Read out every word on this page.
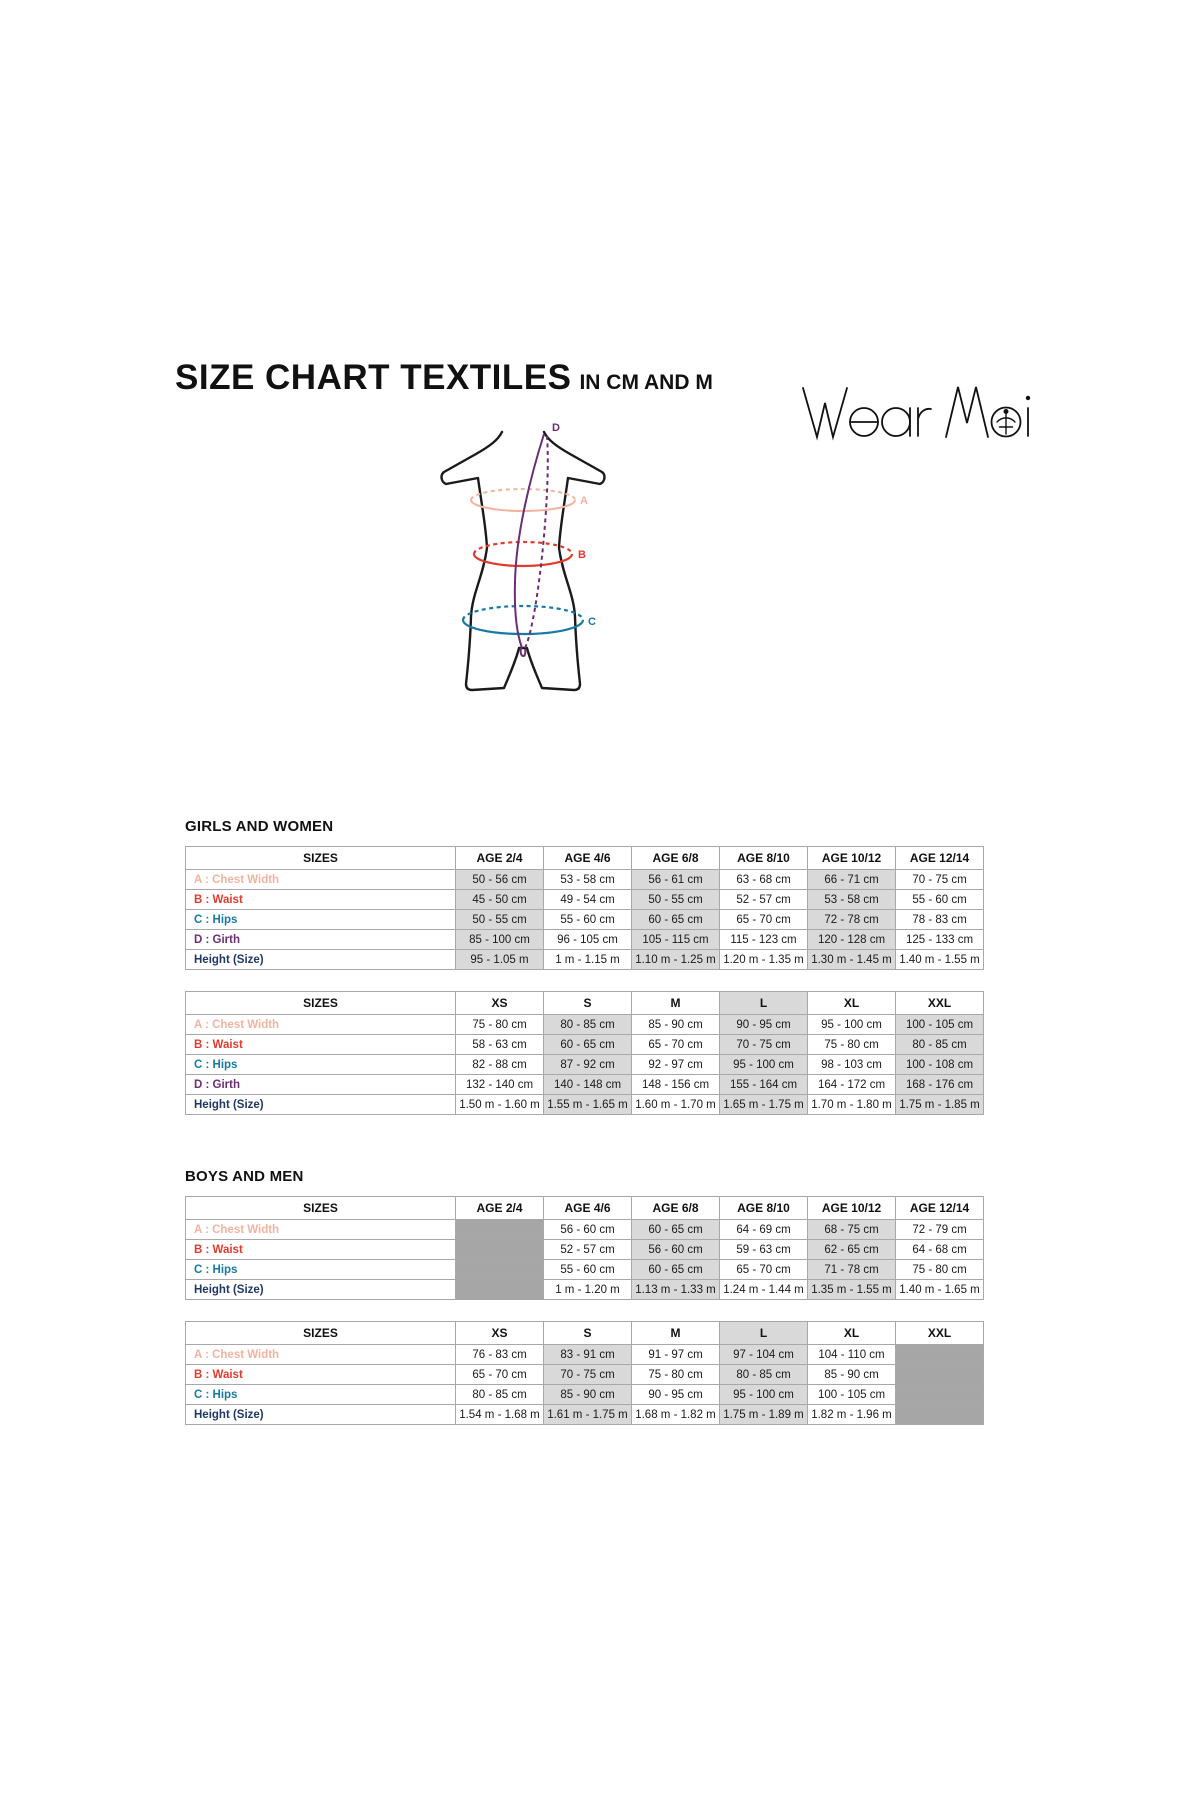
SIZE CHART TEXTILES IN CM AND M
A
B
C
D
GIRLS AND WOMEN
SIZES	AGE 2/4	AGE 4/6	AGE 6/8	AGE 8/10	AGE 10/12	AGE 12/14
A : Chest Width	50 - 56 cm	53 - 58 cm	56 - 61 cm	63 - 68 cm	66 - 71 cm	70 - 75 cm
B : Waist	45 - 50 cm	49 - 54 cm	50 - 55 cm	52 - 57 cm	53 - 58 cm	55 - 60 cm
C : Hips	50 - 55 cm	55 - 60 cm	60 - 65 cm	65 - 70 cm	72 - 78 cm	78 - 83 cm
D : Girth	85 - 100 cm	96 - 105 cm	105 - 115 cm	115 - 123 cm	120 - 128 cm	125 - 133 cm
Height (Size)	95 - 1.05 m	1 m - 1.15 m	1.10 m - 1.25 m	1.20 m - 1.35 m	1.30 m - 1.45 m	1.40 m - 1.55 m
SIZES	XS	S	M	L	XL	XXL
A : Chest Width	75 - 80 cm	80 - 85 cm	85 - 90 cm	90 - 95 cm	95 - 100 cm	100 - 105 cm
B : Waist	58 - 63 cm	60 - 65 cm	65 - 70 cm	70 - 75 cm	75 - 80 cm	80 - 85 cm
C : Hips	82 - 88 cm	87 - 92 cm	92 - 97 cm	95 - 100 cm	98 - 103 cm	100 - 108 cm
D : Girth	132 - 140 cm	140 - 148 cm	148 - 156 cm	155 - 164 cm	164 - 172 cm	168 - 176 cm
Height (Size)	1.50 m - 1.60 m	1.55 m - 1.65 m	1.60 m - 1.70 m	1.65 m - 1.75 m	1.70 m - 1.80 m	1.75 m - 1.85 m
BOYS AND MEN
SIZES	AGE 2/4	AGE 4/6	AGE 6/8	AGE 8/10	AGE 10/12	AGE 12/14
A : Chest Width		56 - 60 cm	60 - 65 cm	64 - 69 cm	68 - 75 cm	72 - 79 cm
B : Waist		52 - 57 cm	56 - 60 cm	59 - 63 cm	62 - 65 cm	64 - 68 cm
C : Hips		55 - 60 cm	60 - 65 cm	65 - 70 cm	71 - 78 cm	75 - 80 cm
Height (Size)		1 m - 1.20 m	1.13 m - 1.33 m	1.24 m - 1.44 m	1.35 m - 1.55 m	1.40 m - 1.65 m
SIZES	XS	S	M	L	XL	XXL
A : Chest Width	76 - 83 cm	83 - 91 cm	91 - 97 cm	97 - 104 cm	104 - 110 cm	
B : Waist	65 - 70 cm	70 - 75 cm	75 - 80 cm	80 - 85 cm	85 - 90 cm	
C : Hips	80 - 85 cm	85 - 90 cm	90 - 95 cm	95 - 100 cm	100 - 105 cm	
Height (Size)	1.54 m - 1.68 m	1.61 m - 1.75 m	1.68 m - 1.82 m	1.75 m - 1.89 m	1.82 m - 1.96 m	
